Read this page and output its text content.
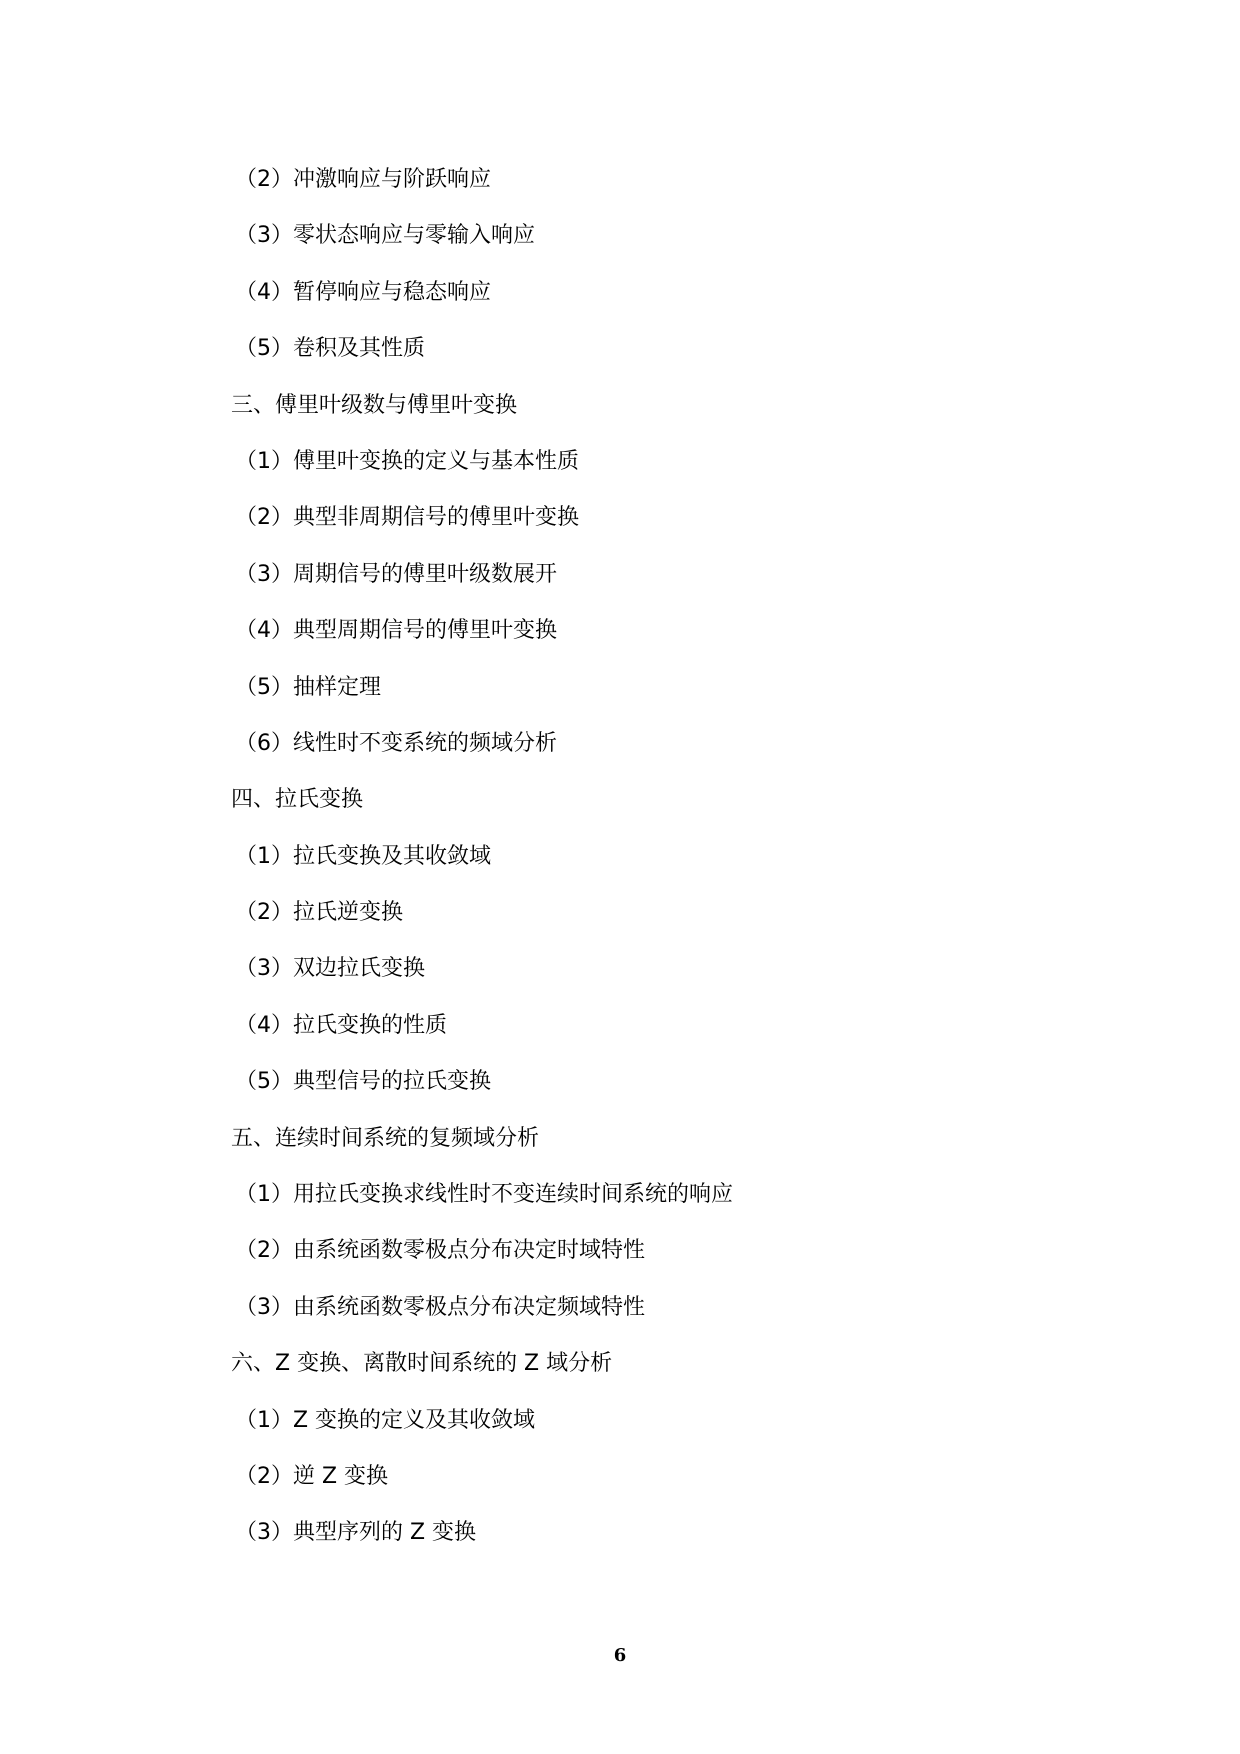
（2）冲激响应与阶跃响应
（3）零状态响应与零输入响应
（4）暂停响应与稳态响应
（5）卷积及其性质
三、傅里叶级数与傅里叶变换
（1）傅里叶变换的定义与基本性质
（2）典型非周期信号的傅里叶变换
（3）周期信号的傅里叶级数展开
（4）典型周期信号的傅里叶变换
（5）抽样定理
（6）线性时不变系统的频域分析
四、拉氏变换
（1）拉氏变换及其收敛域
（2）拉氏逆变换
（3）双边拉氏变换
（4）拉氏变换的性质
（5）典型信号的拉氏变换
五、连续时间系统的复频域分析
（1）用拉氏变换求线性时不变连续时间系统的响应
（2）由系统函数零极点分布决定时域特性
（3）由系统函数零极点分布决定频域特性
六、Z 变换、离散时间系统的 Z 域分析
（1）Z 变换的定义及其收敛域
（2）逆 Z 变换
（3）典型序列的 Z 变换
6
